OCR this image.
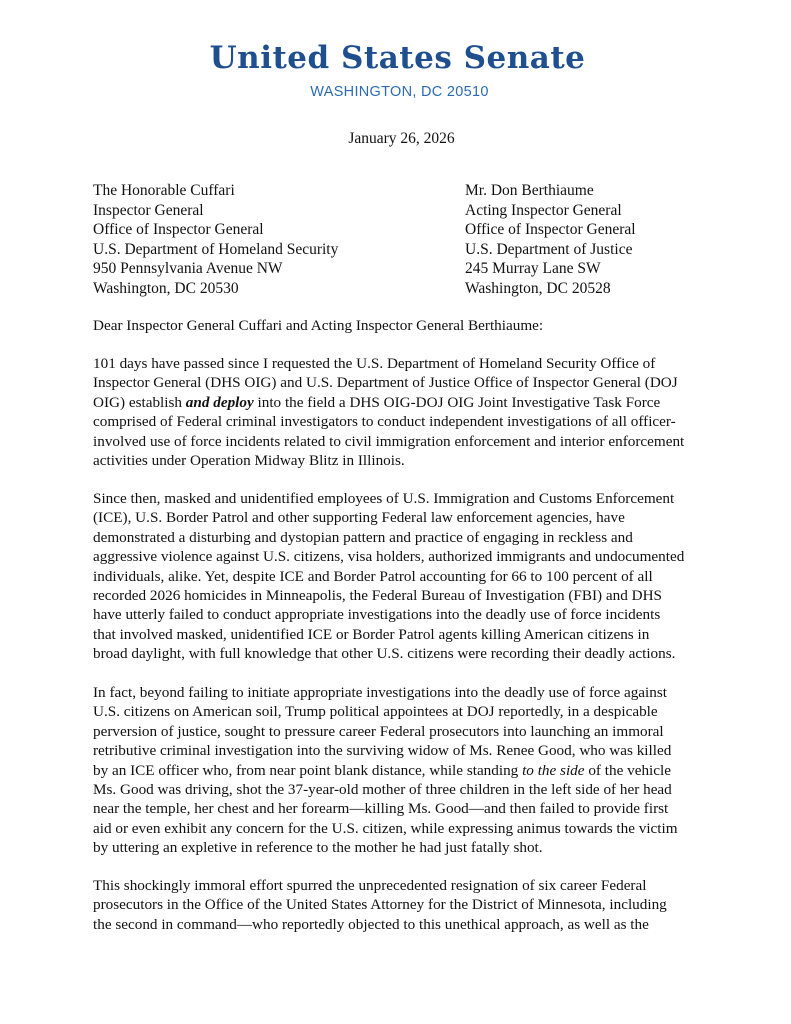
United States Senate
WASHINGTON, DC 20510
January 26, 2026
The Honorable Cuffari
Inspector General
Office of Inspector General
U.S. Department of Homeland Security
950 Pennsylvania Avenue NW
Washington, DC 20530
Mr. Don Berthiaume
Acting Inspector General
Office of Inspector General
U.S. Department of Justice
245 Murray Lane SW
Washington, DC 20528
Dear Inspector General Cuffari and Acting Inspector General Berthiaume:
101 days have passed since I requested the U.S. Department of Homeland Security Office of
Inspector General (DHS OIG) and U.S. Department of Justice Office of Inspector General (DOJ
OIG) establish and deploy into the field a DHS OIG-DOJ OIG Joint Investigative Task Force
comprised of Federal criminal investigators to conduct independent investigations of all officer-
involved use of force incidents related to civil immigration enforcement and interior enforcement
activities under Operation Midway Blitz in Illinois.
Since then, masked and unidentified employees of U.S. Immigration and Customs Enforcement
(ICE), U.S. Border Patrol and other supporting Federal law enforcement agencies, have
demonstrated a disturbing and dystopian pattern and practice of engaging in reckless and
aggressive violence against U.S. citizens, visa holders, authorized immigrants and undocumented
individuals, alike. Yet, despite ICE and Border Patrol accounting for 66 to 100 percent of all
recorded 2026 homicides in Minneapolis, the Federal Bureau of Investigation (FBI) and DHS
have utterly failed to conduct appropriate investigations into the deadly use of force incidents
that involved masked, unidentified ICE or Border Patrol agents killing American citizens in
broad daylight, with full knowledge that other U.S. citizens were recording their deadly actions.
In fact, beyond failing to initiate appropriate investigations into the deadly use of force against
U.S. citizens on American soil, Trump political appointees at DOJ reportedly, in a despicable
perversion of justice, sought to pressure career Federal prosecutors into launching an immoral
retributive criminal investigation into the surviving widow of Ms. Renee Good, who was killed
by an ICE officer who, from near point blank distance, while standing to the side of the vehicle
Ms. Good was driving, shot the 37-year-old mother of three children in the left side of her head
near the temple, her chest and her forearm—killing Ms. Good—and then failed to provide first
aid or even exhibit any concern for the U.S. citizen, while expressing animus towards the victim
by uttering an expletive in reference to the mother he had just fatally shot.
This shockingly immoral effort spurred the unprecedented resignation of six career Federal
prosecutors in the Office of the United States Attorney for the District of Minnesota, including
the second in command—who reportedly objected to this unethical approach, as well as the
